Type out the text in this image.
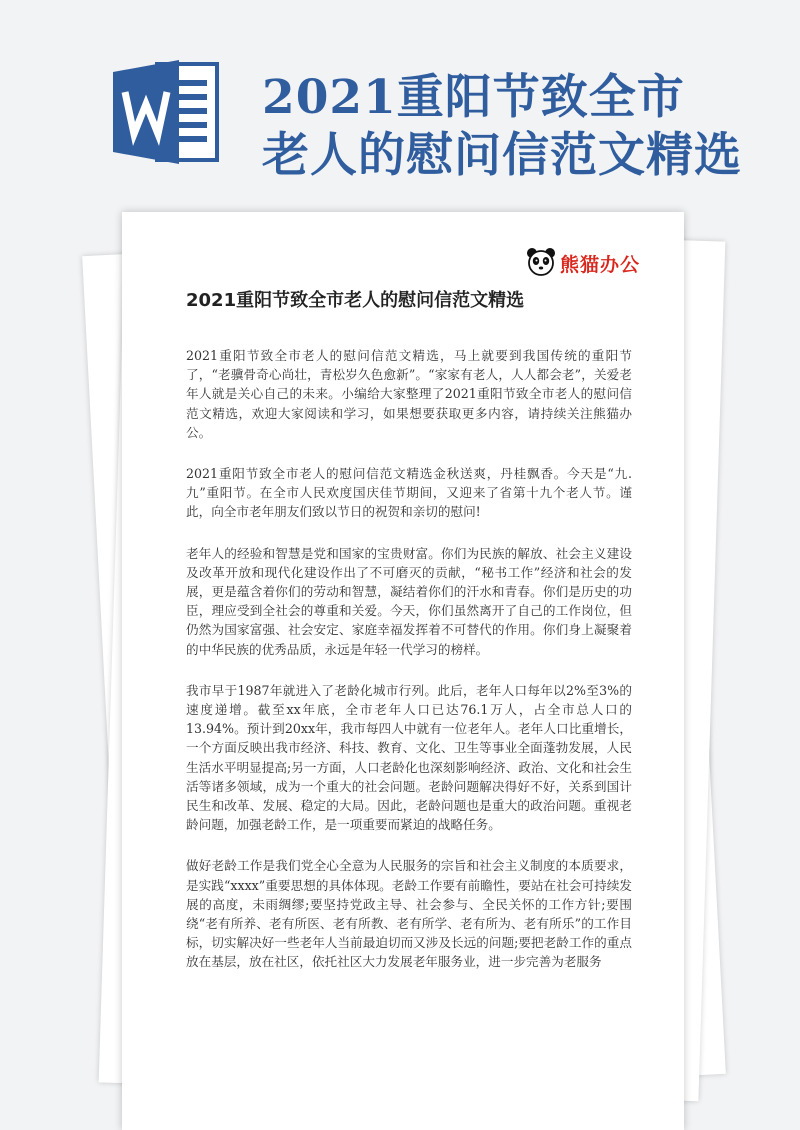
2021重阳节致全市
老人的慰问信范文精选
熊猫办公
2021重阳节致全市老人的慰问信范文精选

2021重阳节致全市老人的慰问信范文精选，马上就要到我国传统的重阳节了，“老骥骨奇心尚壮，青松岁久色愈新”。“家家有老人，人人都会老”，关爱老年人就是关心自己的未来。小编给大家整理了2021重阳节致全市老人的慰问信范文精选，欢迎大家阅读和学习，如果想要获取更多内容，请持续关注熊猫办公。

2021重阳节致全市老人的慰问信范文精选金秋送爽，丹桂飘香。今天是“九.九”重阳节。在全市人民欢度国庆佳节期间，又迎来了省第十九个老人节。谨此，向全市老年朋友们致以节日的祝贺和亲切的慰问!

老年人的经验和智慧是党和国家的宝贵财富。你们为民族的解放、社会主义建设及改革开放和现代化建设作出了不可磨灭的贡献，“秘书工作”经济和社会的发展，更是蕴含着你们的劳动和智慧，凝结着你们的汗水和青春。你们是历史的功臣，理应受到全社会的尊重和关爱。今天，你们虽然离开了自己的工作岗位，但仍然为国家富强、社会安定、家庭幸福发挥着不可替代的作用。你们身上凝聚着的中华民族的优秀品质，永远是年轻一代学习的榜样。

我市早于1987年就进入了老龄化城市行列。此后，老年人口每年以2%至3%的速度递增。截至xx年底，全市老年人口已达76.1万人，占全市总人口的13.94%。预计到20xx年，我市每四人中就有一位老年人。老年人口比重增长，一个方面反映出我市经济、科技、教育、文化、卫生等事业全面蓬勃发展，人民生活水平明显提高;另一方面，人口老龄化也深刻影响经济、政治、文化和社会生活等诸多领域，成为一个重大的社会问题。老龄问题解决得好不好，关系到国计民生和改革、发展、稳定的大局。因此，老龄问题也是重大的政治问题。重视老龄问题，加强老龄工作，是一项重要而紧迫的战略任务。

做好老龄工作是我们党全心全意为人民服务的宗旨和社会主义制度的本质要求，是实践“xxxx”重要思想的具体体现。老龄工作要有前瞻性，要站在社会可持续发展的高度，未雨绸缪;要坚持党政主导、社会参与、全民关怀的工作方针;要围绕“老有所养、老有所医、老有所教、老有所学、老有所为、老有所乐”的工作目标，切实解决好一些老年人当前最迫切而又涉及长远的问题;要把老龄工作的重点放在基层，放在社区，依托社区大力发展老年服务业，进一步完善为老服务
